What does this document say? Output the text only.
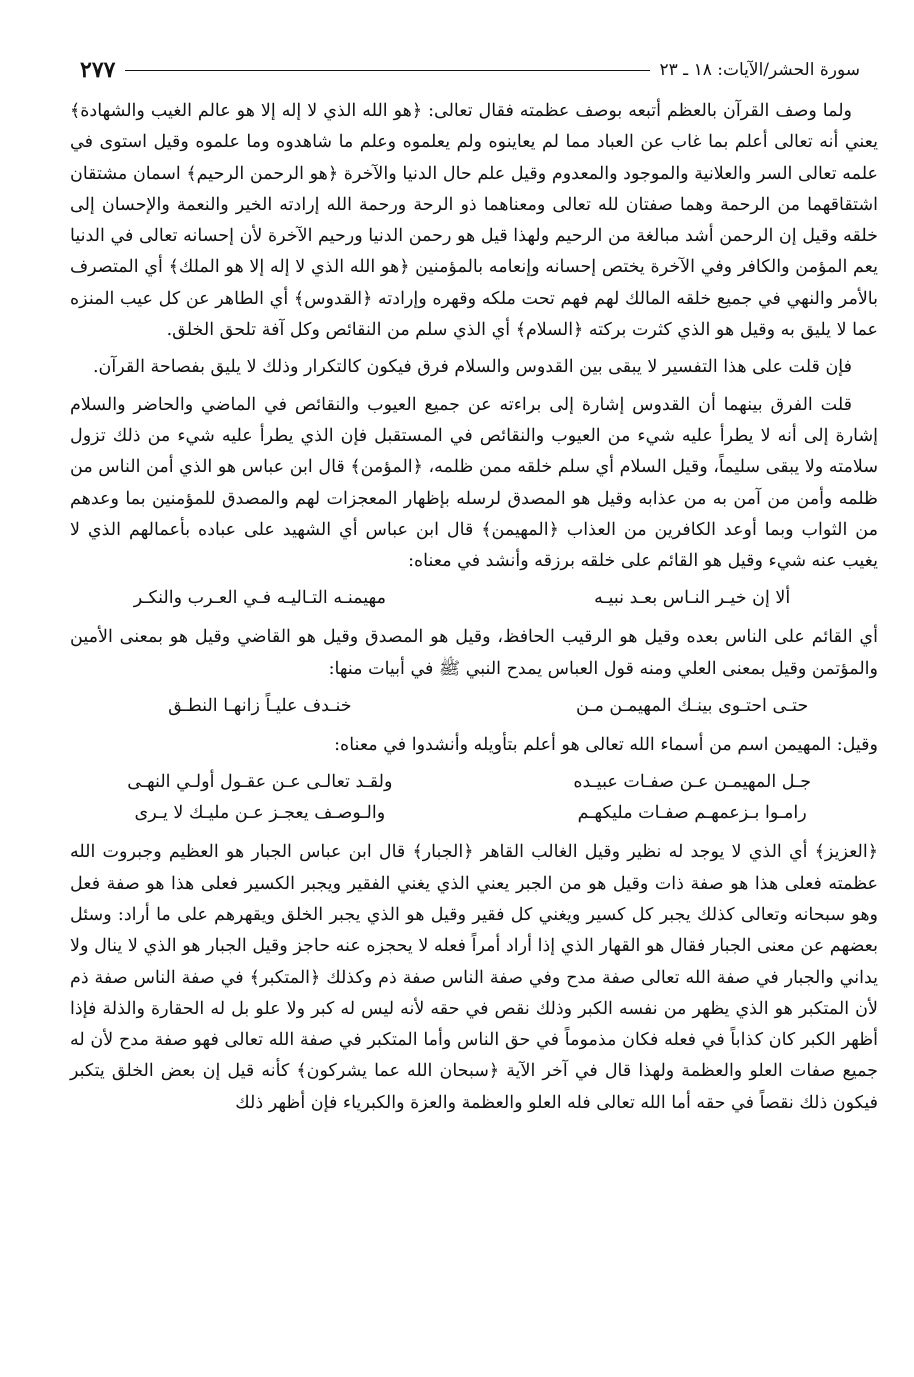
سورة الحشر/الآيات: ١٨ ـ ٢٣
٢٧٧

ولما وصف القرآن بالعظم أتبعه بوصف عظمته فقال تعالى: ﴿هو الله الذي لا إله إلا هو عالم الغيب والشهادة﴾ يعني أنه تعالى أعلم بما غاب عن العباد مما لم يعاينوه ولم يعلموه وعلم ما شاهدوه وما علموه وقيل استوى في علمه تعالى السر والعلانية والموجود والمعدوم وقيل علم حال الدنيا والآخرة ﴿هو الرحمن الرحيم﴾ اسمان مشتقان اشتقاقهما من الرحمة وهما صفتان لله تعالى ومعناهما ذو الرحة ورحمة الله إرادته الخير والنعمة والإحسان إلى خلقه وقيل إن الرحمن أشد مبالغة من الرحيم ولهذا قيل هو رحمن الدنيا ورحيم الآخرة لأن إحسانه تعالى في الدنيا يعم المؤمن والكافر وفي الآخرة يختص إحسانه وإنعامه بالمؤمنين ﴿هو الله الذي لا إله إلا هو الملك﴾ أي المتصرف بالأمر والنهي في جميع خلقه المالك لهم فهم تحت ملكه وقهره وإرادته ﴿القدوس﴾ أي الطاهر عن كل عيب المنزه عما لا يليق به وقيل هو الذي كثرت بركته ﴿السلام﴾ أي الذي سلم من النقائص وكل آفة تلحق الخلق.

فإن قلت على هذا التفسير لا يبقى بين القدوس والسلام فرق فيكون كالتكرار وذلك لا يليق بفصاحة القرآن.

قلت الفرق بينهما أن القدوس إشارة إلى براءته عن جميع العيوب والنقائص في الماضي والحاضر والسلام إشارة إلى أنه لا يطرأ عليه شيء من العيوب والنقائص في المستقبل فإن الذي يطرأ عليه شيء من ذلك تزول سلامته ولا يبقى سليماً، وقيل السلام أي سلم خلقه ممن ظلمه، ﴿المؤمن﴾ قال ابن عباس هو الذي أمن الناس من ظلمه وأمن من آمن به من عذابه وقيل هو المصدق لرسله بإظهار المعجزات لهم والمصدق للمؤمنين بما وعدهم من الثواب وبما أوعد الكافرين من العذاب ﴿المهيمن﴾ قال ابن عباس أي الشهيد على عباده بأعمالهم الذي لا يغيب عنه شيء وقيل هو القائم على خلقه برزقه وأنشد في معناه:

ألا إن خيـر النـاس بعـد نبيـه
مهيمنـه التـاليـه فـي العـرب والنكـر

أي القائم على الناس بعده وقيل هو الرقيب الحافظ، وقيل هو المصدق وقيل هو القاضي وقيل هو بمعنى الأمين والمؤتمن وقيل بمعنى العلي ومنه قول العباس يمدح النبي ﷺ في أبيات منها:

حتـى احتـوى بينـك المهيمـن مـن
خنـدف عليـاً زانهـا النطـق

وقيل: المهيمن اسم من أسماء الله تعالى هو أعلم بتأويله وأنشدوا في معناه:

جـل المهيمـن عـن صفـات عبيـده
ولقـد تعالـى عـن عقـول أولـي النهـى
رامـوا بـزعمهـم صفـات مليكهـم
والـوصـف يعجـز عـن مليـك لا يـرى

﴿العزيز﴾ أي الذي لا يوجد له نظير وقيل الغالب القاهر ﴿الجبار﴾ قال ابن عباس الجبار هو العظيم وجبروت الله عظمته فعلى هذا هو صفة ذات وقيل هو من الجبر يعني الذي يغني الفقير ويجبر الكسير فعلى هذا هو صفة فعل وهو سبحانه وتعالى كذلك يجبر كل كسير ويغني كل فقير وقيل هو الذي يجبر الخلق ويقهرهم على ما أراد: وسئل بعضهم عن معنى الجبار فقال هو القهار الذي إذا أراد أمراً فعله لا يحجزه عنه حاجز وقيل الجبار هو الذي لا ينال ولا يداني والجبار في صفة الله تعالى صفة مدح وفي صفة الناس صفة ذم وكذلك ﴿المتكبر﴾ في صفة الناس صفة ذم لأن المتكبر هو الذي يظهر من نفسه الكبر وذلك نقص في حقه لأنه ليس له كبر ولا علو بل له الحقارة والذلة فإذا أظهر الكبر كان كذاباً في فعله فكان مذموماً في حق الناس وأما المتكبر في صفة الله تعالى فهو صفة مدح لأن له جميع صفات العلو والعظمة ولهذا قال في آخر الآية ﴿سبحان الله عما يشركون﴾ كأنه قيل إن بعض الخلق يتكبر فيكون ذلك نقصاً في حقه أما الله تعالى فله العلو والعظمة والعزة والكبرياء فإن أظهر ذلك
